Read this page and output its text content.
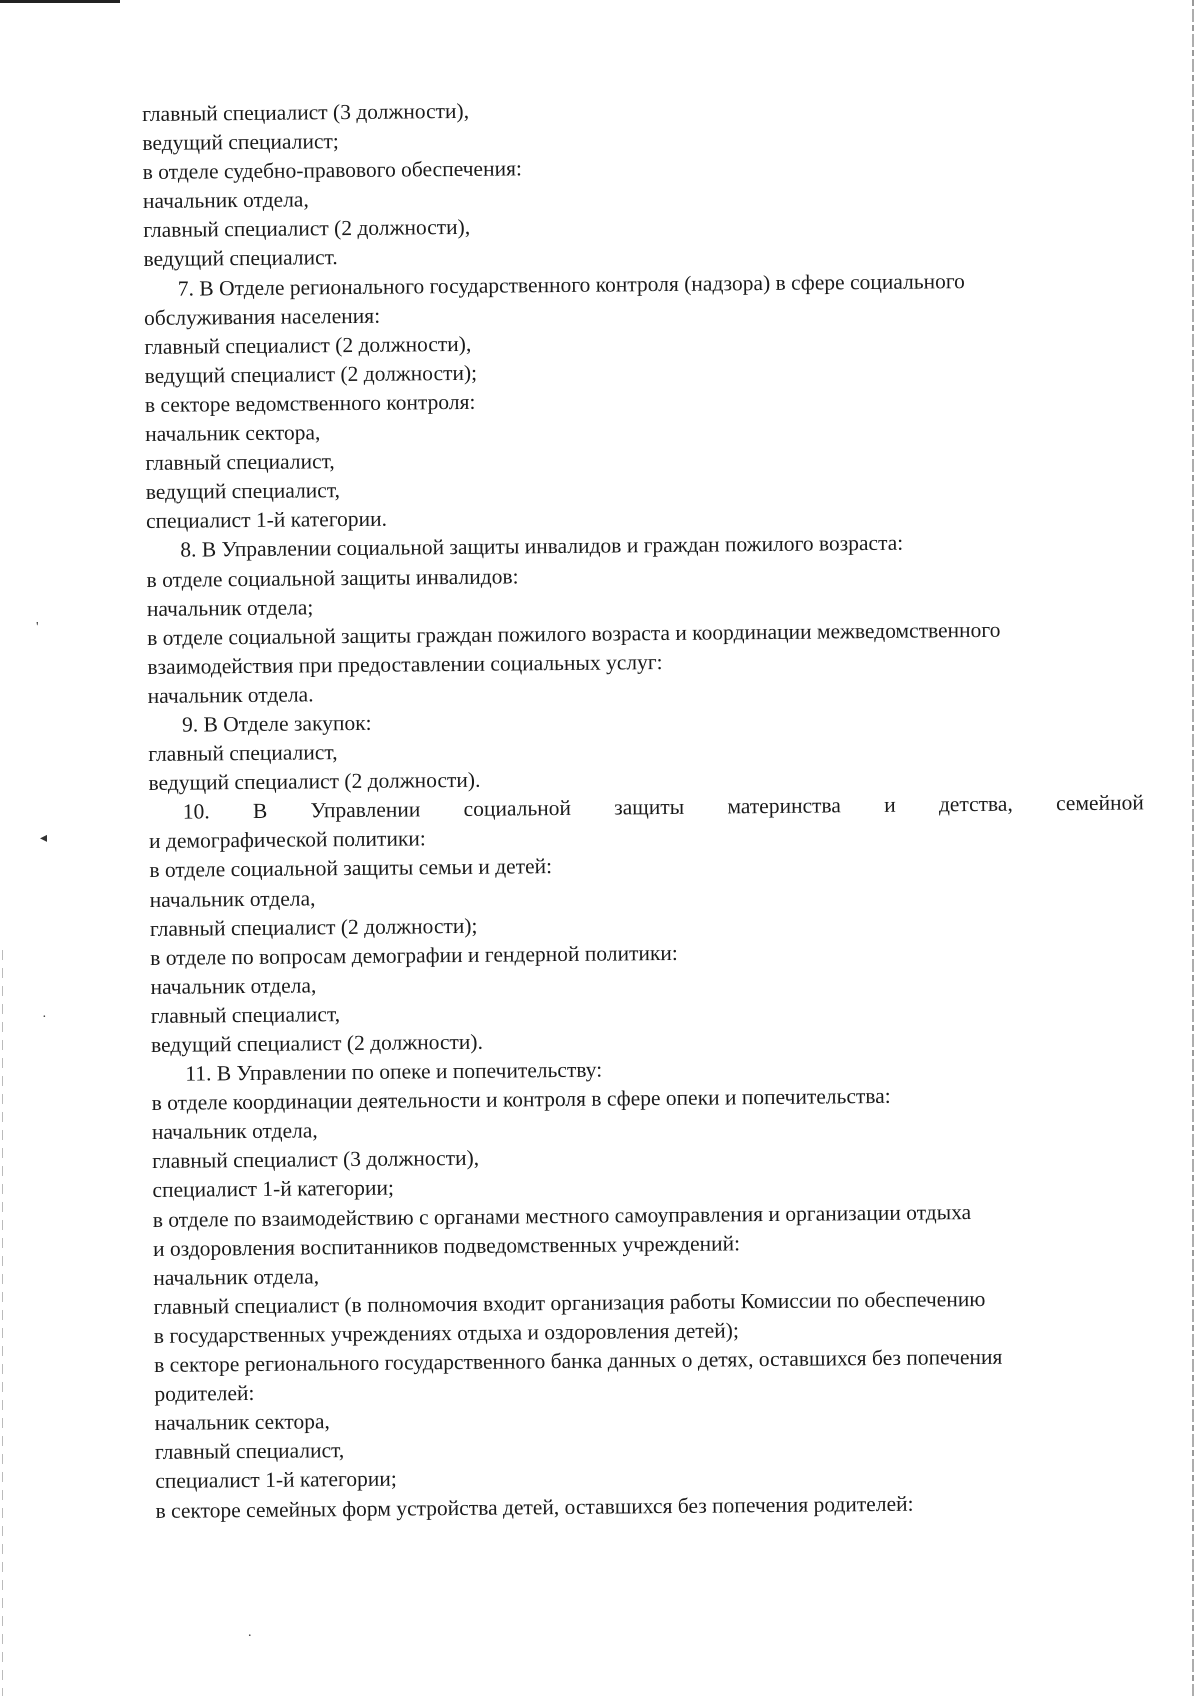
'
◂
·
.
главный специалист (3 должности),
ведущий специалист;
в отделе судебно-правового обеспечения:
начальник отдела,
главный специалист (2 должности),
ведущий специалист.
7. В Отделе регионального государственного контроля (надзора) в сфере социального
обслуживания населения:
главный специалист (2 должности),
ведущий специалист (2 должности);
в секторе ведомственного контроля:
начальник сектора,
главный специалист,
ведущий специалист,
специалист 1-й категории.
8. В Управлении социальной защиты инвалидов и граждан пожилого возраста:
в отделе социальной защиты инвалидов:
начальник отдела;
в отделе социальной защиты граждан пожилого возраста и координации межведомственного
взаимодействия при предоставлении социальных услуг:
начальник отдела.
9. В Отделе закупок:
главный специалист,
ведущий специалист (2 должности).
10. В Управлении социальной защиты материнства и детства, семейной
и демографической политики:
в отделе социальной защиты семьи и детей:
начальник отдела,
главный специалист (2 должности);
в отделе по вопросам демографии и гендерной политики:
начальник отдела,
главный специалист,
ведущий специалист (2 должности).
11. В Управлении по опеке и попечительству:
в отделе координации деятельности и контроля в сфере опеки и попечительства:
начальник отдела,
главный специалист (3 должности),
специалист 1-й категории;
в отделе по взаимодействию с органами местного самоуправления и организации отдыха
и оздоровления воспитанников подведомственных учреждений:
начальник отдела,
главный специалист (в полномочия входит организация работы Комиссии по обеспечению
в государственных учреждениях отдыха и оздоровления детей);
в секторе регионального государственного банка данных о детях, оставшихся без попечения
родителей:
начальник сектора,
главный специалист,
специалист 1-й категории;
в секторе семейных форм устройства детей, оставшихся без попечения родителей:
